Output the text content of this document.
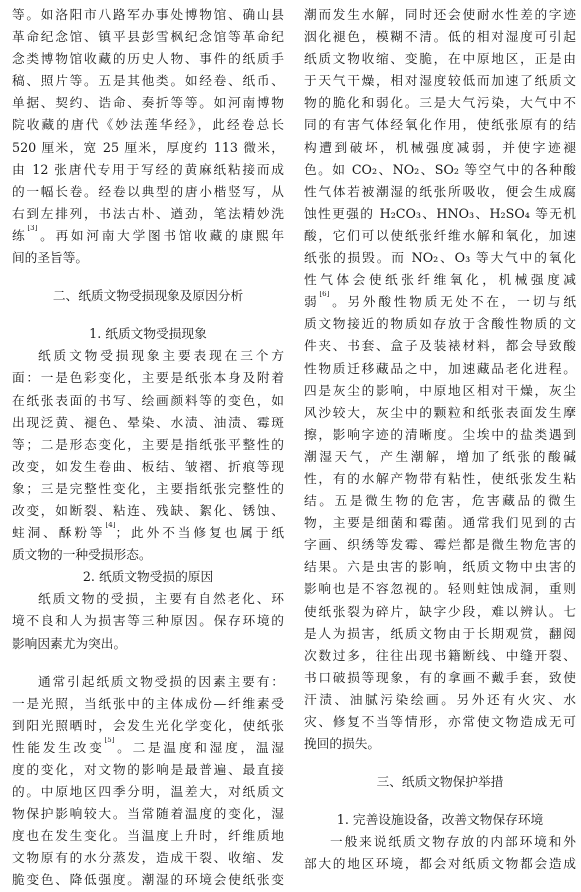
等。如洛阳市八路军办事处博物馆、确山县
革命纪念馆、镇平县彭雪枫纪念馆等革命纪
念类博物馆收藏的历史人物、事件的纸质手
稿、照片等。五是其他类。如经卷、纸币、
单据、契约、诰命、奏折等等。如河南博物
院收藏的唐代《妙法莲华经》，此经卷总长
520 厘米，宽 25 厘米，厚度约 113 微米，
由 12 张唐代专用于写经的黄麻纸粘接而成
的一幅长卷。经卷以典型的唐小楷竖写，从
右到左排列，书法古朴、遒劲，笔法精妙洗
练[3]。再如河南大学图书馆收藏的康熙年
间的圣旨等。
二、纸质文物受损现象及原因分析
1. 纸质文物受损现象
纸质文物受损现象主要表现在三个方
面：一是色彩变化，主要是纸张本身及附着
在纸张表面的书写、绘画颜料等的变色，如
出现泛黄、褪色、晕染、水渍、油渍、霉斑
等；二是形态变化，主要是指纸张平整性的
改变，如发生卷曲、板结、皱褶、折痕等现
象；三是完整性变化，主要指纸张完整性的
改变，如断裂、粘连、残缺、絮化、锈蚀、
蛀洞、酥粉等[4]；此外不当修复也属于纸
质文物的一种受损形态。
2. 纸质文物受损的原因
纸质文物的受损，主要有自然老化、环
境不良和人为损害等三种原因。保存环境的
影响因素尤为突出。
通常引起纸质文物受损的因素主要有：
一是光照，当纸张中的主体成份—纤维素受
到阳光照晒时，会发生光化学变化，使纸张
性能发生改变[5]。二是温度和湿度，温湿
度的变化，对文物的影响是最普遍、最直接
的。中原地区四季分明，温差大，对纸质文
物保护影响较大。当常随着温度的变化，湿
度也在发生变化。当温度上升时，纤维质地
文物原有的水分蒸发，造成干裂、收缩、发
脆变色、降低强度。潮湿的环境会使纸张变
潮而发生水解，同时还会使耐水性差的字迹
洇化褪色，模糊不清。低的相对湿度可引起
纸质文物收缩、变脆，在中原地区，正是由
于天气干燥，相对湿度较低而加速了纸质文
物的脆化和弱化。三是大气污染，大气中不
同的有害气体经氧化作用，使纸张原有的结
构遭到破坏，机械强度减弱，并使字迹褪
色。如 CO₂、NO₂、SO₂ 等空气中的各种酸
性气体若被潮湿的纸张所吸收，便会生成腐
蚀性更强的 H₂CO₃、HNO₃、H₂SO₄ 等无机
酸，它们可以使纸张纤维水解和氧化，加速
纸张的损毁。而 NO₂、O₃ 等大气中的氧化
性气体会使纸张纤维氧化，机械强度减
弱[6]。另外酸性物质无处不在，一切与纸
质文物接近的物质如存放于含酸性物质的文
件夹、书套、盒子及装裱材料，都会导致酸
性物质迁移藏品之中，加速藏品老化进程。
四是灰尘的影响，中原地区相对干燥，灰尘
风沙较大，灰尘中的颗粒和纸张表面发生摩
擦，影响字迹的清晰度。尘埃中的盐类遇到
潮湿天气，产生潮解，增加了纸张的酸碱
性，有的水解产物带有粘性，使纸张发生粘
结。五是微生物的危害，危害藏品的微生
物，主要是细菌和霉菌。通常我们见到的古
字画、织绣等发霉、霉烂都是微生物危害的
结果。六是虫害的影响，纸质文物中虫害的
影响也是不容忽视的。轻则蛀蚀成洞，重则
使纸张裂为碎片，缺字少段，难以辨认。七
是人为损害，纸质文物由于长期观赏，翻阅
次数过多，往往出现书籍断线、中缝开裂、
书口破损等现象，有的拿画不戴手套，致使
汗渍、油腻污染绘画。另外还有火灾、水
灾、修复不当等情形，亦常使文物造成无可
挽回的损失。
三、纸质文物保护举措
1. 完善设施设备，改善文物保存环境
一般来说纸质文物存放的内部环境和外
部大的地区环境，都会对纸质文物都会造成
